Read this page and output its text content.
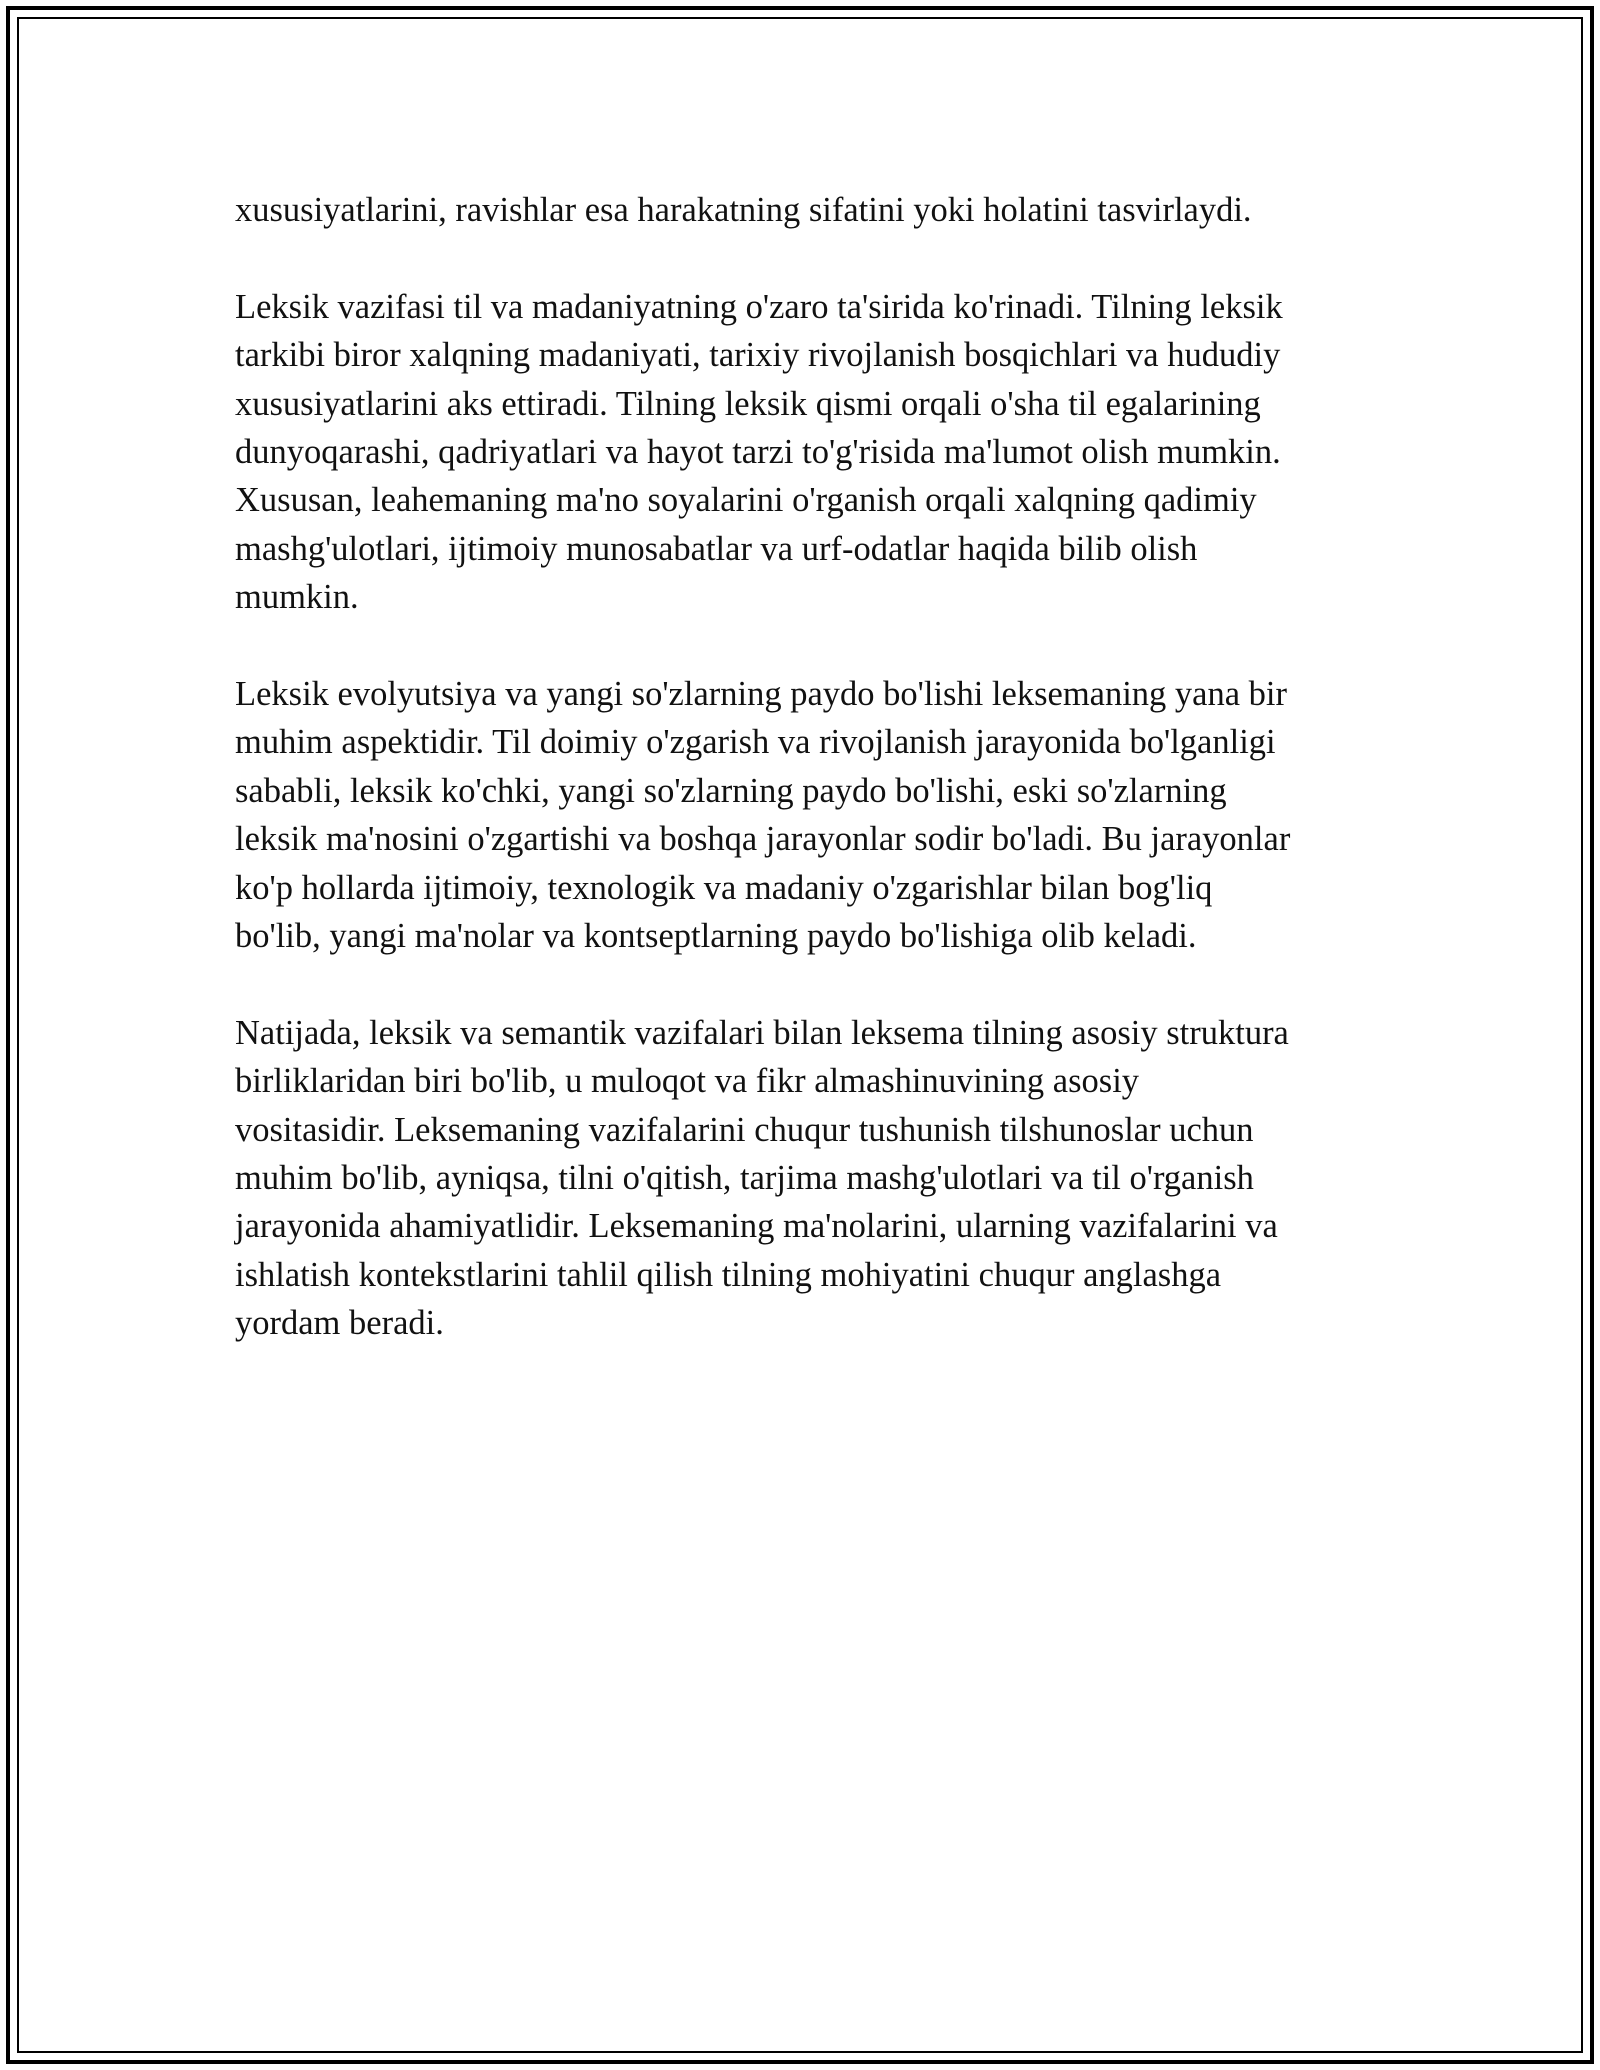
xususiyatlarini, ravishlar esa harakatning sifatini yoki holatini tasvirlaydi.

Leksik vazifasi til va madaniyatning o'zaro ta'sirida ko'rinadi. Tilning leksik
tarkibi biror xalqning madaniyati, tarixiy rivojlanish bosqichlari va hududiy
xususiyatlarini aks ettiradi. Tilning leksik qismi orqali o'sha til egalarining
dunyoqarashi, qadriyatlari va hayot tarzi to'g'risida ma'lumot olish mumkin.
Xususan, leahemaning ma'no soyalarini o'rganish orqali xalqning qadimiy
mashg'ulotlari, ijtimoiy munosabatlar va urf-odatlar haqida bilib olish
mumkin.

Leksik evolyutsiya va yangi so'zlarning paydo bo'lishi leksemaning yana bir
muhim aspektidir. Til doimiy o'zgarish va rivojlanish jarayonida bo'lganligi
sababli, leksik ko'chki, yangi so'zlarning paydo bo'lishi, eski so'zlarning
leksik ma'nosini o'zgartishi va boshqa jarayonlar sodir bo'ladi. Bu jarayonlar
ko'p hollarda ijtimoiy, texnologik va madaniy o'zgarishlar bilan bog'liq
bo'lib, yangi ma'nolar va kontseptlarning paydo bo'lishiga olib keladi.

Natijada, leksik va semantik vazifalari bilan leksema tilning asosiy struktura
birliklaridan biri bo'lib, u muloqot va fikr almashinuvining asosiy
vositasidir. Leksemaning vazifalarini chuqur tushunish tilshunoslar uchun
muhim bo'lib, ayniqsa, tilni o'qitish, tarjima mashg'ulotlari va til o'rganish
jarayonida ahamiyatlidir. Leksemaning ma'nolarini, ularning vazifalarini va
ishlatish kontekstlarini tahlil qilish tilning mohiyatini chuqur anglashga
yordam beradi.
